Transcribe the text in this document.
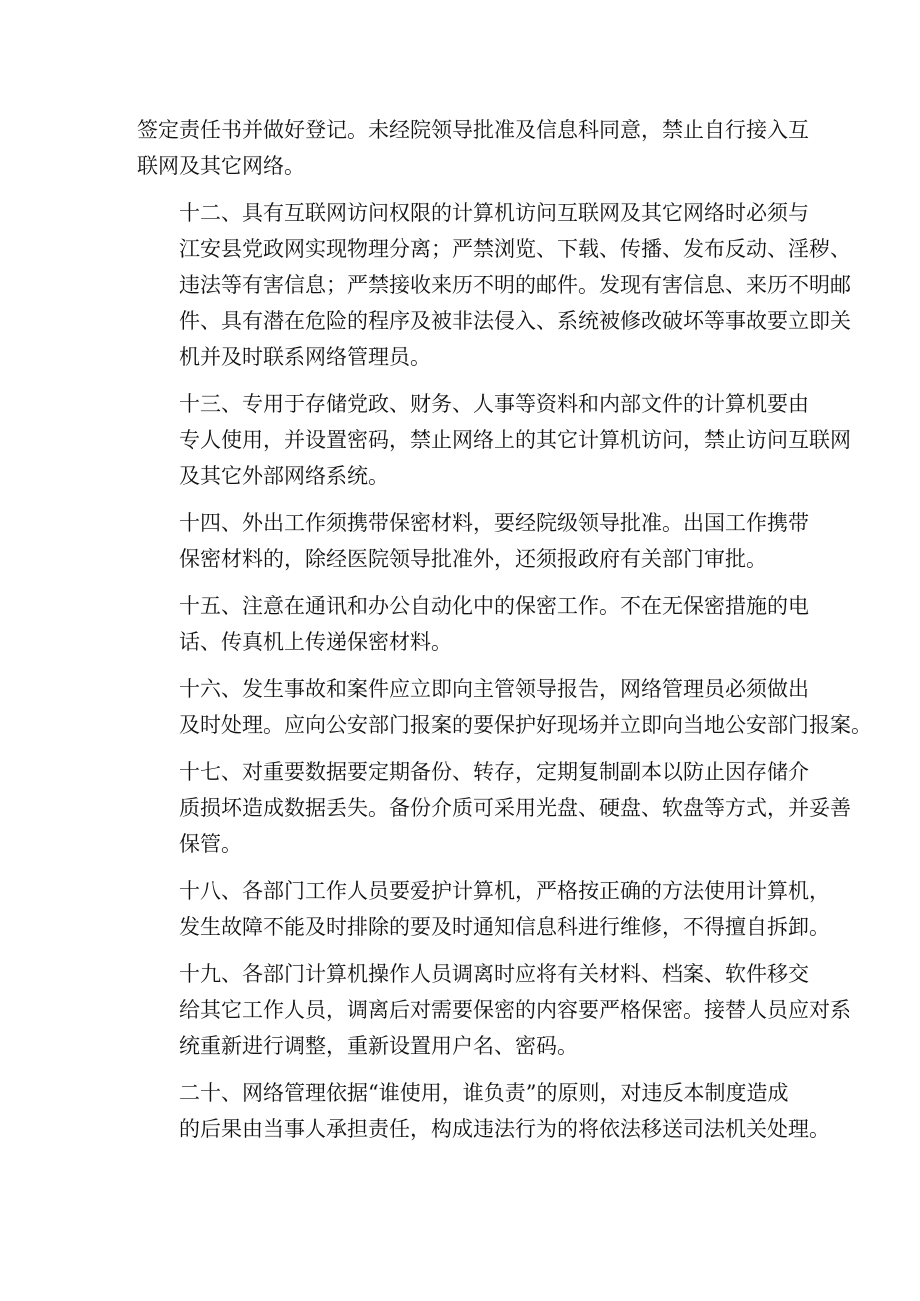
签定责任书并做好登记。未经院领导批准及信息科同意，禁止自行接入互
联网及其它网络。

十二、具有互联网访问权限的计算机访问互联网及其它网络时必须与
江安县党政网实现物理分离；严禁浏览、下载、传播、发布反动、淫秽、
违法等有害信息；严禁接收来历不明的邮件。发现有害信息、来历不明邮
件、具有潜在危险的程序及被非法侵入、系统被修改破坏等事故要立即关
机并及时联系网络管理员。

十三、专用于存储党政、财务、人事等资料和内部文件的计算机要由
专人使用，并设置密码，禁止网络上的其它计算机访问，禁止访问互联网
及其它外部网络系统。

十四、外出工作须携带保密材料，要经院级领导批准。出国工作携带
保密材料的，除经医院领导批准外，还须报政府有关部门审批。

十五、注意在通讯和办公自动化中的保密工作。不在无保密措施的电
话、传真机上传递保密材料。

十六、发生事故和案件应立即向主管领导报告，网络管理员必须做出
及时处理。应向公安部门报案的要保护好现场并立即向当地公安部门报案。

十七、对重要数据要定期备份、转存，定期复制副本以防止因存储介
质损坏造成数据丢失。备份介质可采用光盘、硬盘、软盘等方式，并妥善
保管。

十八、各部门工作人员要爱护计算机，严格按正确的方法使用计算机，
发生故障不能及时排除的要及时通知信息科进行维修，不得擅自拆卸。

十九、各部门计算机操作人员调离时应将有关材料、档案、软件移交
给其它工作人员，调离后对需要保密的内容要严格保密。接替人员应对系
统重新进行调整，重新设置用户名、密码。

二十、网络管理依据“谁使用，谁负责”的原则，对违反本制度造成
的后果由当事人承担责任，构成违法行为的将依法移送司法机关处理。
